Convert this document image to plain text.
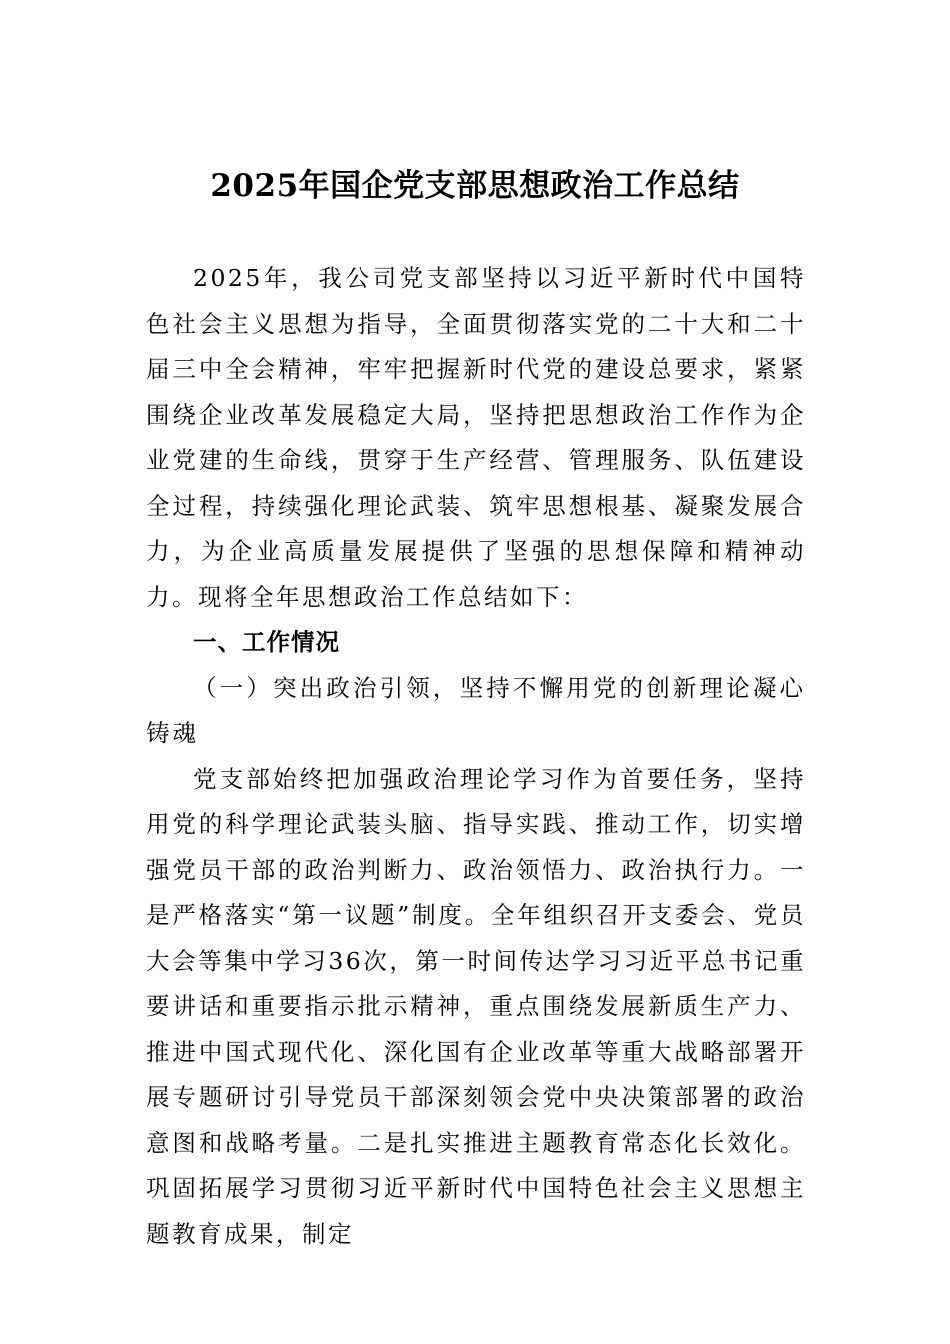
2025年国企党支部思想政治工作总结

2025年，我公司党支部坚持以习近平新时代中国特色社会主义思想为指导，全面贯彻落实党的二十大和二十届三中全会精神，牢牢把握新时代党的建设总要求，紧紧围绕企业改革发展稳定大局，坚持把思想政治工作作为企业党建的生命线，贯穿于生产经营、管理服务、队伍建设全过程，持续强化理论武装、筑牢思想根基、凝聚发展合力，为企业高质量发展提供了坚强的思想保障和精神动力。现将全年思想政治工作总结如下：

一、工作情况

（一）突出政治引领，坚持不懈用党的创新理论凝心铸魂

党支部始终把加强政治理论学习作为首要任务，坚持用党的科学理论武装头脑、指导实践、推动工作，切实增强党员干部的政治判断力、政治领悟力、政治执行力。一是严格落实“第一议题”制度。全年组织召开支委会、党员大会等集中学习36次，第一时间传达学习习近平总书记重要讲话和重要指示批示精神，重点围绕发展新质生产力、推进中国式现代化、深化国有企业改革等重大战略部署开展专题研讨引导党员干部深刻领会党中央决策部署的政治意图和战略考量。二是扎实推进主题教育常态化长效化。巩固拓展学习贯彻习近平新时代中国特色社会主义思想主题教育成果，制定
